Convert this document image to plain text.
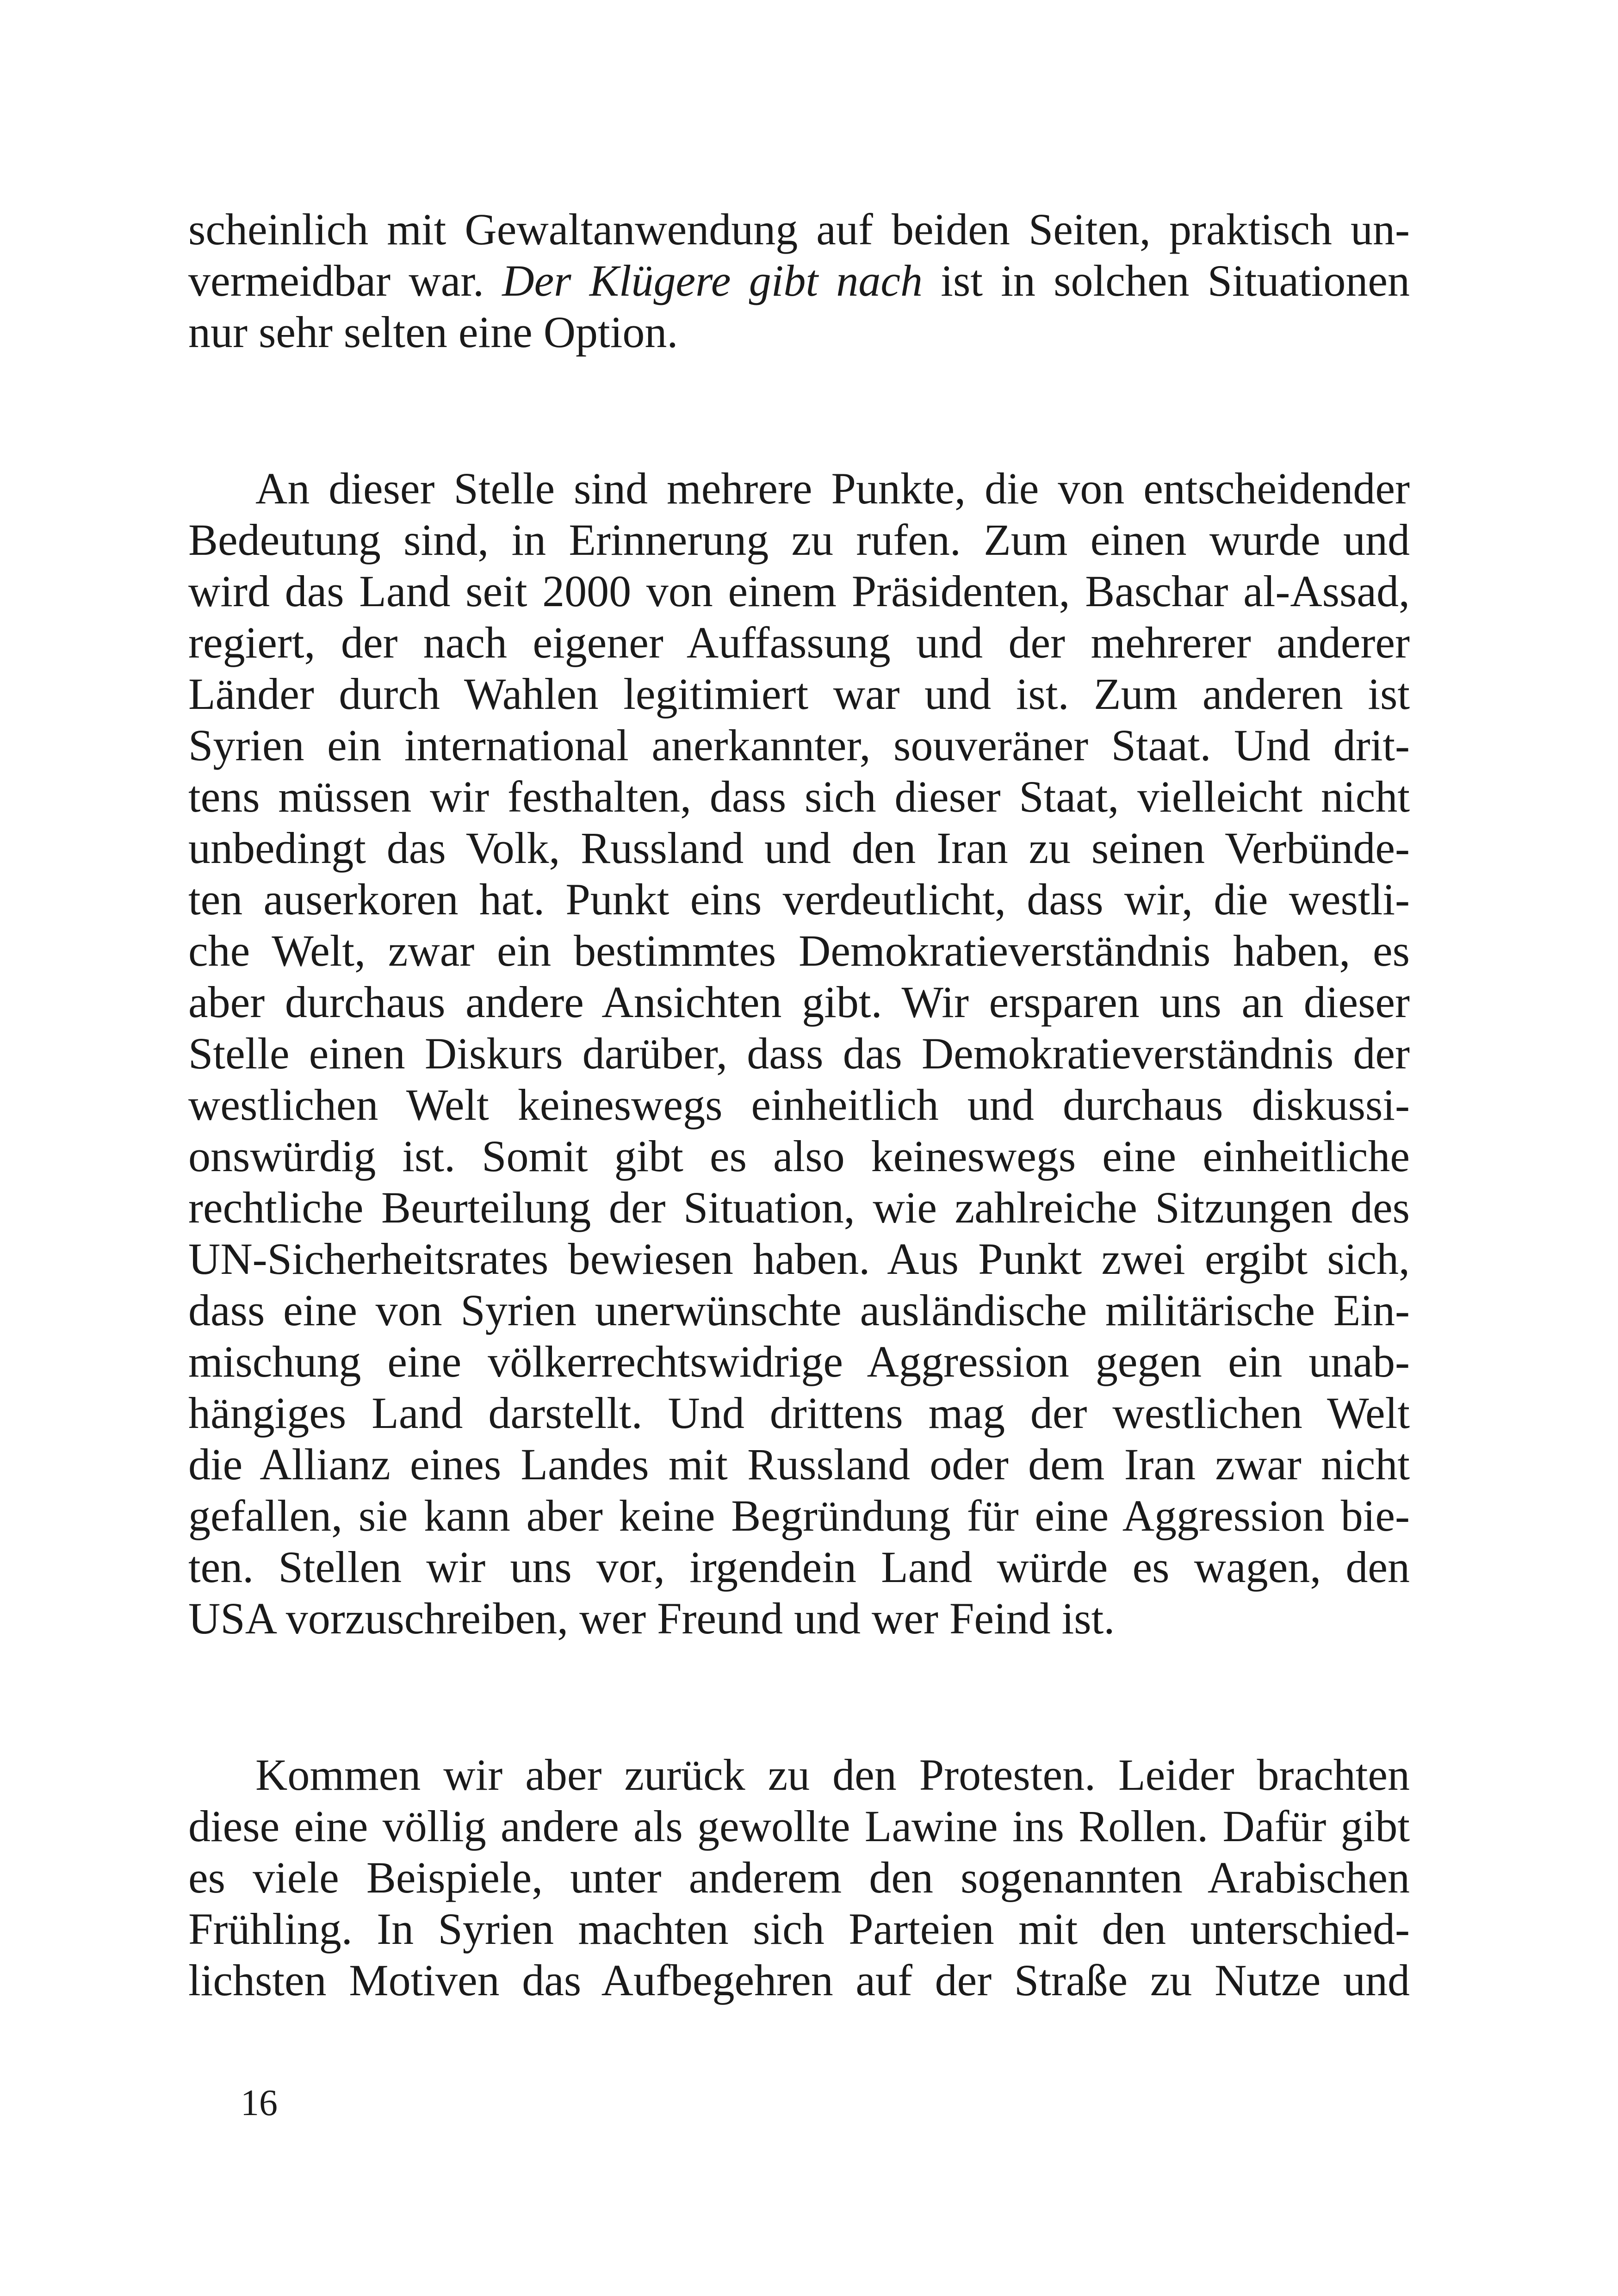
scheinlich mit Gewaltanwendung auf beiden Seiten, praktisch un-
vermeidbar war. Der Klügere gibt nach ist in solchen Situationen
nur sehr selten eine Option.
An dieser Stelle sind mehrere Punkte, die von entscheidender
Bedeutung sind, in Erinnerung zu rufen. Zum einen wurde und
wird das Land seit 2000 von einem Präsidenten, Baschar al-Assad,
regiert, der nach eigener Auffassung und der mehrerer anderer
Länder durch Wahlen legitimiert war und ist. Zum anderen ist
Syrien ein international anerkannter, souveräner Staat. Und drit-
tens müssen wir festhalten, dass sich dieser Staat, vielleicht nicht
unbedingt das Volk, Russland und den Iran zu seinen Verbünde-
ten auserkoren hat. Punkt eins verdeutlicht, dass wir, die westli-
che Welt, zwar ein bestimmtes Demokratieverständnis haben, es
aber durchaus andere Ansichten gibt. Wir ersparen uns an dieser
Stelle einen Diskurs darüber, dass das Demokratieverständnis der
westlichen Welt keineswegs einheitlich und durchaus diskussi-
onswürdig ist. Somit gibt es also keineswegs eine einheitliche
rechtliche Beurteilung der Situation, wie zahlreiche Sitzungen des
UN-Sicherheitsrates bewiesen haben. Aus Punkt zwei ergibt sich,
dass eine von Syrien unerwünschte ausländische militärische Ein-
mischung eine völkerrechtswidrige Aggression gegen ein unab-
hängiges Land darstellt. Und drittens mag der westlichen Welt
die Allianz eines Landes mit Russland oder dem Iran zwar nicht
gefallen, sie kann aber keine Begründung für eine Aggression bie-
ten. Stellen wir uns vor, irgendein Land würde es wagen, den
USA vorzuschreiben, wer Freund und wer Feind ist.
Kommen wir aber zurück zu den Protesten. Leider brachten
diese eine völlig andere als gewollte Lawine ins Rollen. Dafür gibt
es viele Beispiele, unter anderem den sogenannten Arabischen
Frühling. In Syrien machten sich Parteien mit den unterschied-
lichsten Motiven das Aufbegehren auf der Straße zu Nutze und
16
